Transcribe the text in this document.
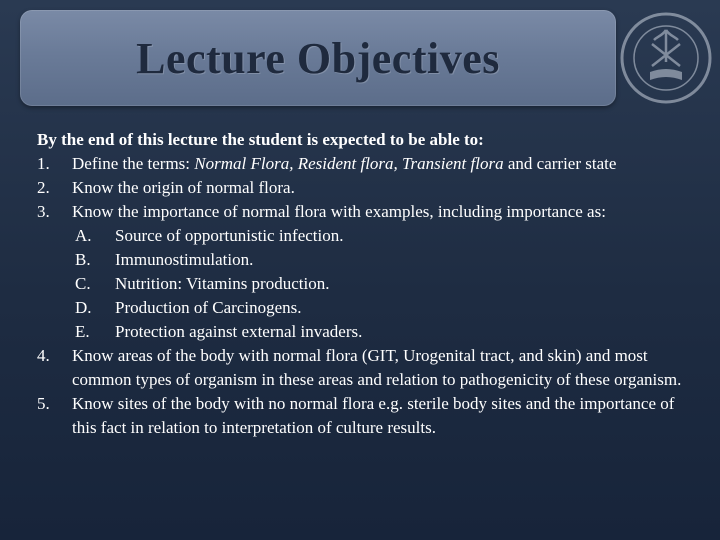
Lecture Objectives

By the end of this lecture the student is expected to be able to:

1.	Define the terms: Normal Flora, Resident flora, Transient flora and carrier state
2.	Know the origin of normal flora.
3.	Know the importance of normal flora with examples, including importance as:
A.	Source of opportunistic infection.
B.	Immunostimulation.
C.	Nutrition: Vitamins production.
D.	Production of Carcinogens.
E.	Protection against external invaders.
4.	Know areas of the body with normal flora (GIT, Urogenital tract, and skin) and most common types of organism in these areas and relation to pathogenicity of these organism.
5.	Know sites of the body with no normal flora e.g. sterile body sites and the importance of this fact in relation to interpretation of culture results.
